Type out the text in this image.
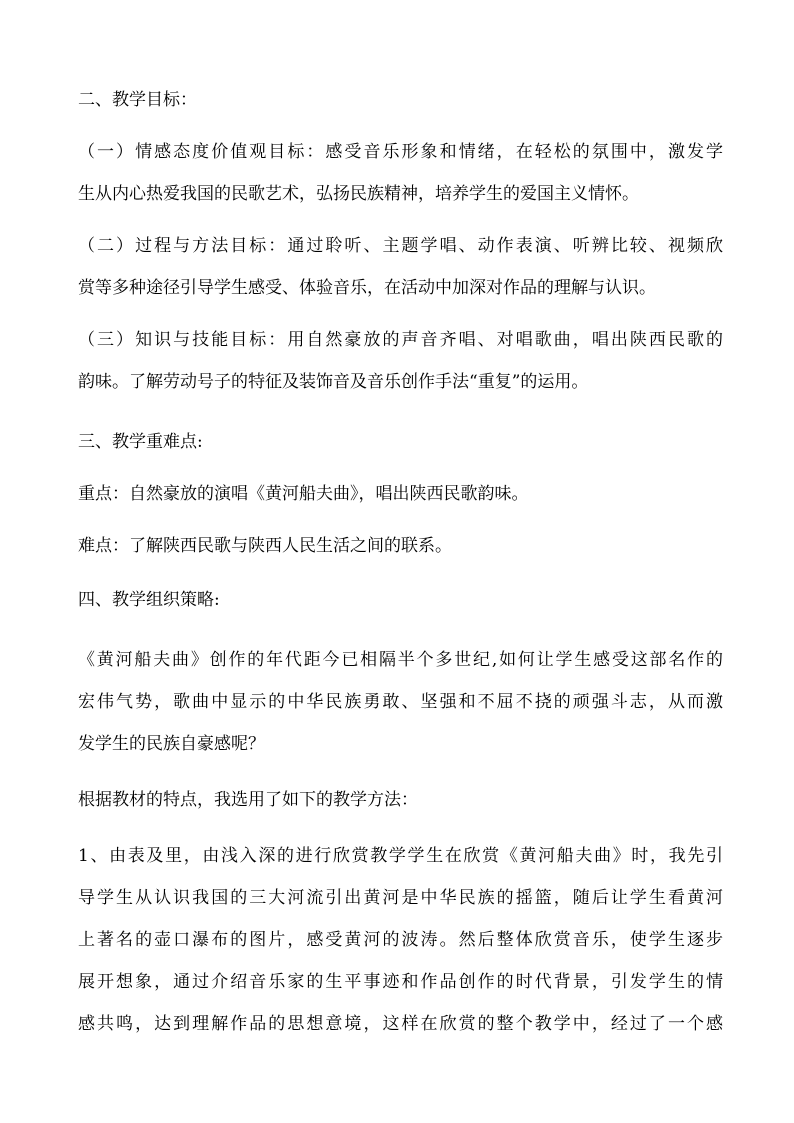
二、教学目标：

（一）情感态度价值观目标：感受音乐形象和情绪，在轻松的氛围中，激发学

生从内心热爱我国的民歌艺术，弘扬民族精神，培养学生的爱国主义情怀。

（二）过程与方法目标：通过聆听、主题学唱、动作表演、听辨比较、视频欣

赏等多种途径引导学生感受、体验音乐，在活动中加深对作品的理解与认识。

（三）知识与技能目标：用自然豪放的声音齐唱、对唱歌曲，唱出陕西民歌的

韵味。了解劳动号子的特征及装饰音及音乐创作手法“重复”的运用。

三、教学重难点:

重点：自然豪放的演唱《黄河船夫曲》，唱出陕西民歌韵味。

难点：了解陕西民歌与陕西人民生活之间的联系。

四、教学组织策略:

《黄河船夫曲》创作的年代距今已相隔半个多世纪,如何让学生感受这部名作的

宏伟气势，歌曲中显示的中华民族勇敢、坚强和不屈不挠的顽强斗志，从而激

发学生的民族自豪感呢？

根据教材的特点，我选用了如下的教学方法：

1、由表及里，由浅入深的进行欣赏教学学生在欣赏《黄河船夫曲》时，我先引

导学生从认识我国的三大河流引出黄河是中华民族的摇篮，随后让学生看黄河

上著名的壶口瀑布的图片，感受黄河的波涛。然后整体欣赏音乐，使学生逐步

展开想象，通过介绍音乐家的生平事迹和作品创作的时代背景，引发学生的情

感共鸣，达到理解作品的思想意境，这样在欣赏的整个教学中，经过了一个感
